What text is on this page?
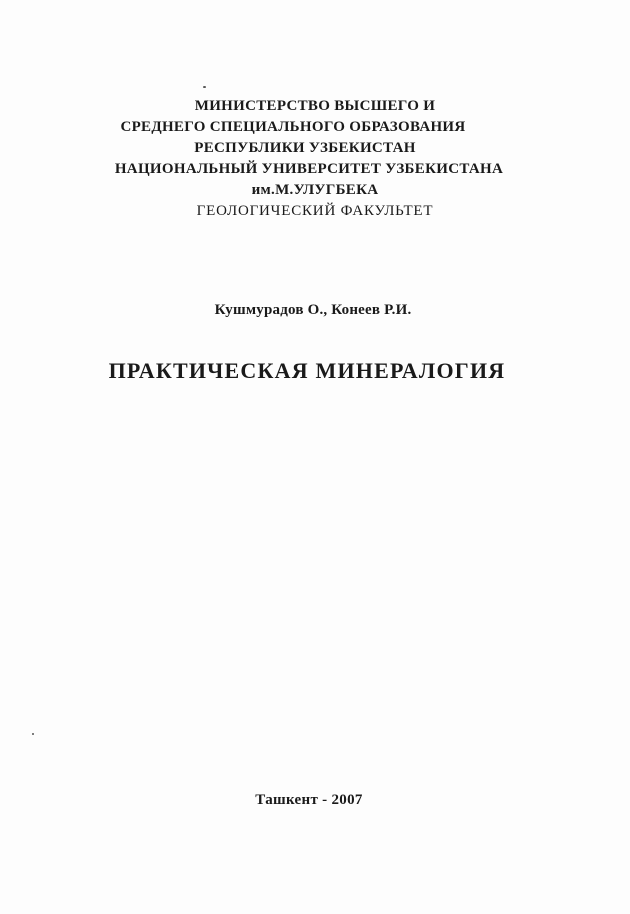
МИНИСТЕРСТВО ВЫСШЕГО И
СРЕДНЕГО СПЕЦИАЛЬНОГО ОБРАЗОВАНИЯ
РЕСПУБЛИКИ УЗБЕКИСТАН
НАЦИОНАЛЬНЫЙ УНИВЕРСИТЕТ УЗБЕКИСТАНА
им.М.УЛУГБЕКА
ГЕОЛОГИЧЕСКИЙ ФАКУЛЬТЕТ
Кушмурадов О., Конеев Р.И.
ПРАКТИЧЕСКАЯ МИНЕРАЛОГИЯ
Ташкент - 2007
